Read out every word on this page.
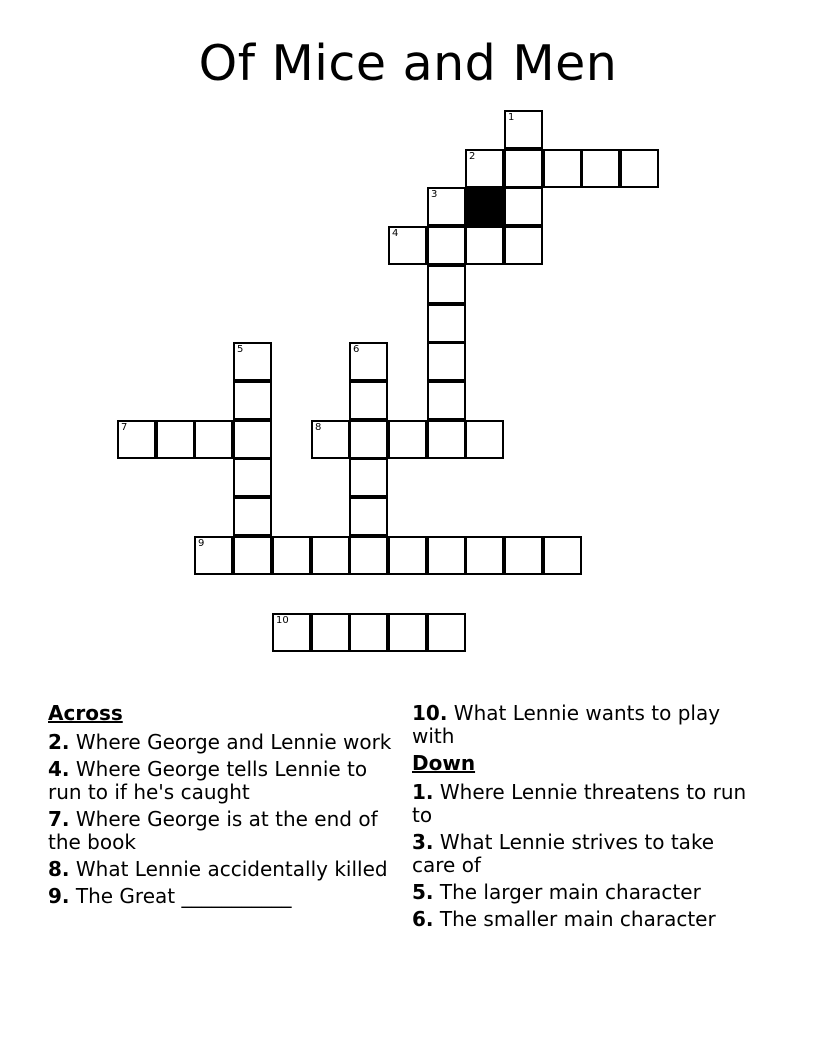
Of Mice and Men
1
2
3
4
5	6
7	8
9
10
Across
2. Where George and Lennie work
4. Where George tells Lennie to run to if he's caught
7. Where George is at the end of the book
8. What Lennie accidentally killed
9. The Great ___________
10. What Lennie wants to play with
Down
1. Where Lennie threatens to run to
3. What Lennie strives to take care of
5. The larger main character
6. The smaller main character
